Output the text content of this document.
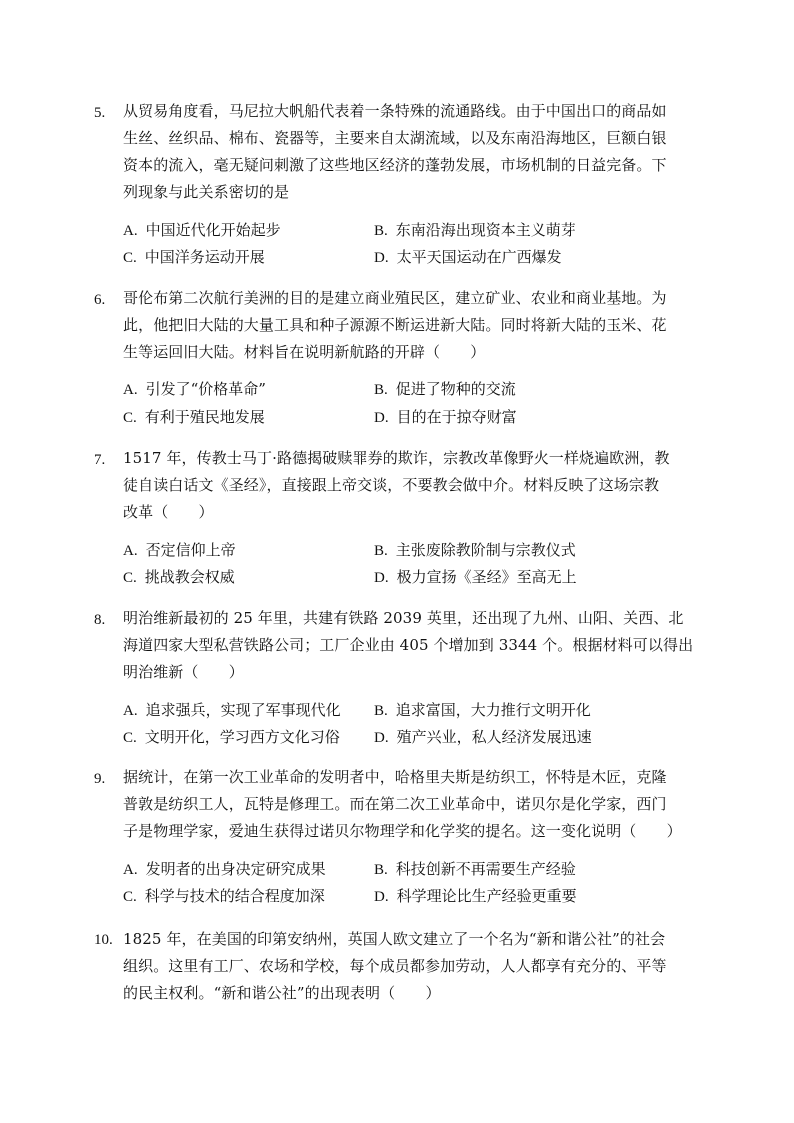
5.	从贸易角度看，马尼拉大帆船代表着一条特殊的流通路线。由于中国出口的商品如
生丝、丝织品、棉布、瓷器等，主要来自太湖流域，以及东南沿海地区，巨额白银
资本的流入，毫无疑问刺激了这些地区经济的蓬勃发展，市场机制的日益完备。下
列现象与此关系密切的是
A. 中国近代化开始起步	B. 东南沿海出现资本主义萌芽
C. 中国洋务运动开展	D. 太平天国运动在广西爆发
6.	哥伦布第二次航行美洲的目的是建立商业殖民区，建立矿业、农业和商业基地。为
此，他把旧大陆的大量工具和种子源源不断运进新大陆。同时将新大陆的玉米、花
生等运回旧大陆。材料旨在说明新航路的开辟（　　）
A. 引发了“价格革命”	B. 促进了物种的交流
C. 有利于殖民地发展	D. 目的在于掠夺财富
7.	1517 年，传教士马丁·路德揭破赎罪券的欺诈，宗教改革像野火一样烧遍欧洲，教
徒自读白话文《圣经》，直接跟上帝交谈，不要教会做中介。材料反映了这场宗教
改革（　　）
A. 否定信仰上帝	B. 主张废除教阶制与宗教仪式
C. 挑战教会权威	D. 极力宣扬《圣经》至高无上
8.	明治维新最初的 25 年里，共建有铁路 2039 英里，还出现了九州、山阳、关西、北
海道四家大型私营铁路公司；工厂企业由 405 个增加到 3344 个。根据材料可以得出
明治维新（　　）
A. 追求强兵，实现了军事现代化 B. 追求富国，大力推行文明开化
C. 文明开化，学习西方文化习俗 D. 殖产兴业，私人经济发展迅速
9.	据统计，在第一次工业革命的发明者中，哈格里夫斯是纺织工，怀特是木匠，克隆
普敦是纺织工人，瓦特是修理工。而在第二次工业革命中，诺贝尔是化学家，西门
子是物理学家，爱迪生获得过诺贝尔物理学和化学奖的提名。这一变化说明（　　）
A. 发明者的出身决定研究成果	B. 科技创新不再需要生产经验
C. 科学与技术的结合程度加深	D. 科学理论比生产经验更重要
10. 1825 年，在美国的印第安纳州，英国人欧文建立了一个名为“新和谐公社”的社会
组织。这里有工厂、农场和学校，每个成员都参加劳动，人人都享有充分的、平等
的民主权利。“新和谐公社”的出现表明（　　）
